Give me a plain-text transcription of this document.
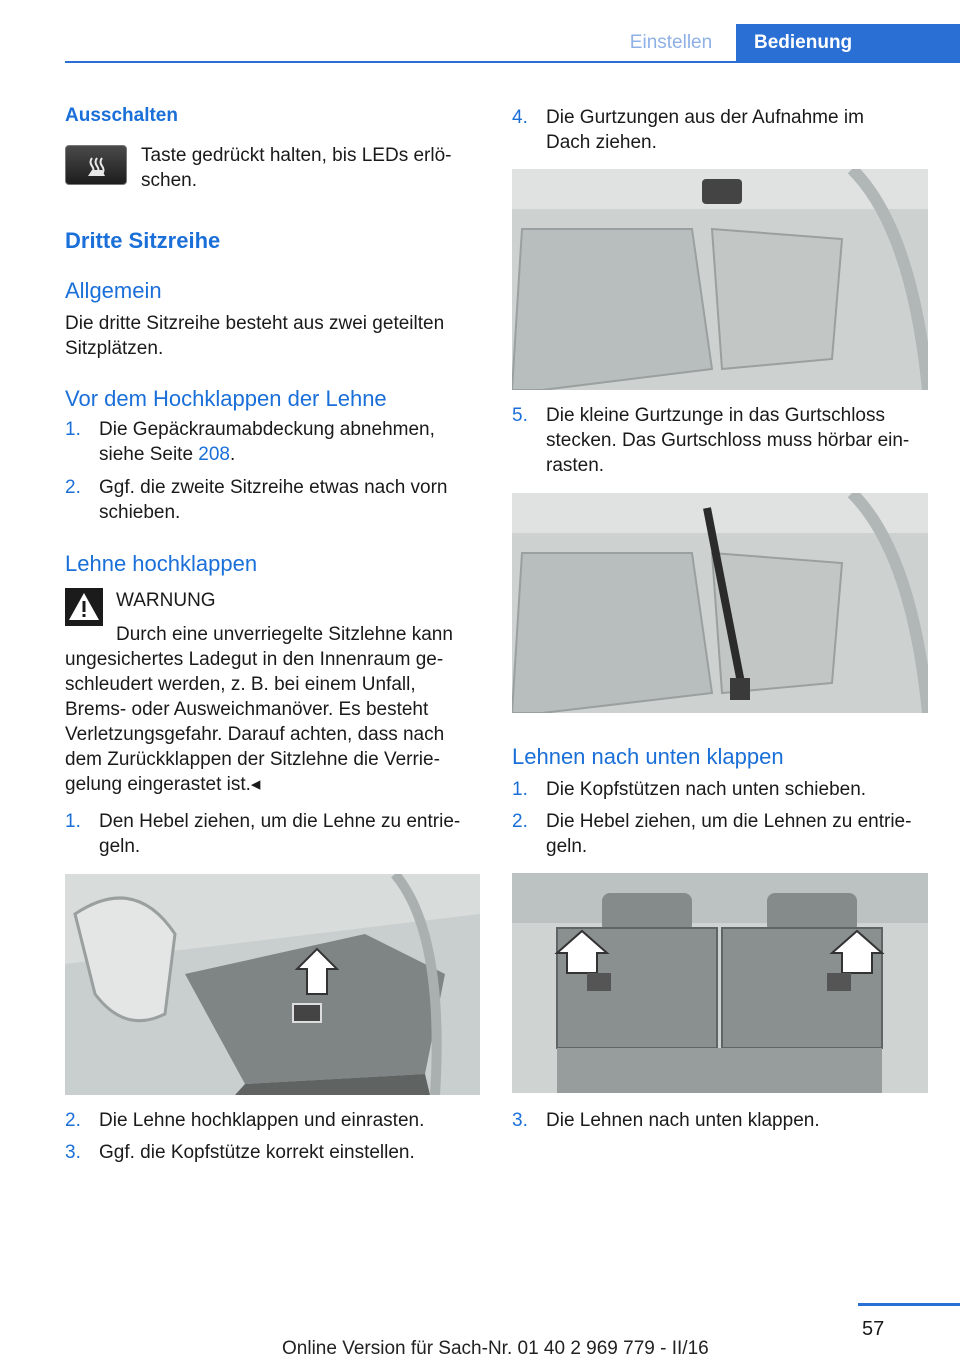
Einstellen	Bedienung
Ausschalten
Taste gedrückt halten, bis LEDs erlö-
schen.
Dritte Sitzreihe
Allgemein
Die dritte Sitzreihe besteht aus zwei geteilten
Sitzplätzen.
Vor dem Hochklappen der Lehne
1. Die Gepäckraumabdeckung abnehmen,
siehe Seite 208.
2. Ggf. die zweite Sitzreihe etwas nach vorn
schieben.
Lehne hochklappen
WARNUNG
Durch eine unverriegelte Sitzlehne kann
ungesichertes Ladegut in den Innenraum ge-
schleudert werden, z. B. bei einem Unfall,
Brems- oder Ausweichmanöver. Es besteht
Verletzungsgefahr. Darauf achten, dass nach
dem Zurückklappen der Sitzlehne die Verrie-
gelung eingerastet ist.◂
1. Den Hebel ziehen, um die Lehne zu entrie-
geln.
2. Die Lehne hochklappen und einrasten.
3. Ggf. die Kopfstütze korrekt einstellen.
4. Die Gurtzungen aus der Aufnahme im
Dach ziehen.
5. Die kleine Gurtzunge in das Gurtschloss
stecken. Das Gurtschloss muss hörbar ein-
rasten.
Lehnen nach unten klappen
1. Die Kopfstützen nach unten schieben.
2. Die Hebel ziehen, um die Lehnen zu entrie-
geln.
3. Die Lehnen nach unten klappen.
57
Online Version für Sach-Nr. 01 40 2 969 779 - II/16
